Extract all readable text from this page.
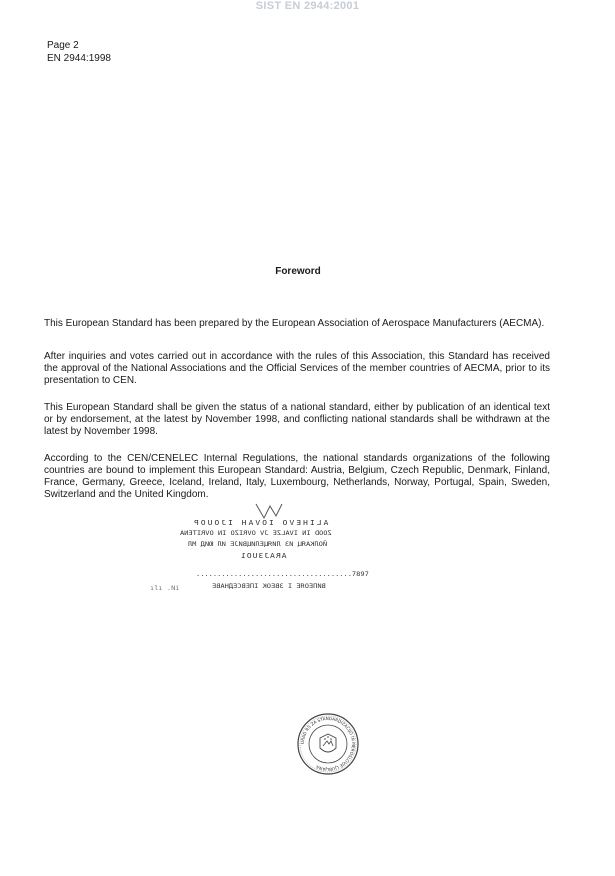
SIST EN 2944:2001
Page 2
EN 2944:1998
Foreword

This European Standard has been prepared by the European Association of Aerospace Manufacturers (AECMA).

After inquiries and votes carried out in accordance with the rules of this Association, this Standard has received the approval of the National Associations and the Official Services of the member countries of AECMA, prior to its presentation to CEN.

This European Standard shall be given the status of a national standard, either by publication of an identical text or by endorsement, at the latest by November 1998, and conflicting national standards shall be withdrawn at the latest by November 1998.

According to the CEN/CENELEC Internal Regulations, the national standards organizations of the following countries are bound to implement this European Standard: Austria, Belgium, Czech Republic, Denmark, Finland, France, Germany, Greece, Iceland, Ireland, Italy, Luxembourg, Netherlands, Norway, Portugal, Spain, Sweden, Switzerland and the United Kingdom.

ALIHEVO IOVAH IJOUOP
ZOOD IN IVALZE JV OVRIZO IN OVRITENA
ЙОЛКАЯЦ ИЗ ЛИЯЦЕЛИЦВИЈЕ ИЛ ЮИД МЛ
ARAJ3UO1
.....................................7897
ВИПЕОЯЕ І ЗВЕОК ІПЕВСЕДНАВЕ
ılı .Ni
URAD RS ZA STANDARDIZACIJO IN MEROSLOVJE LJUBLJANA
